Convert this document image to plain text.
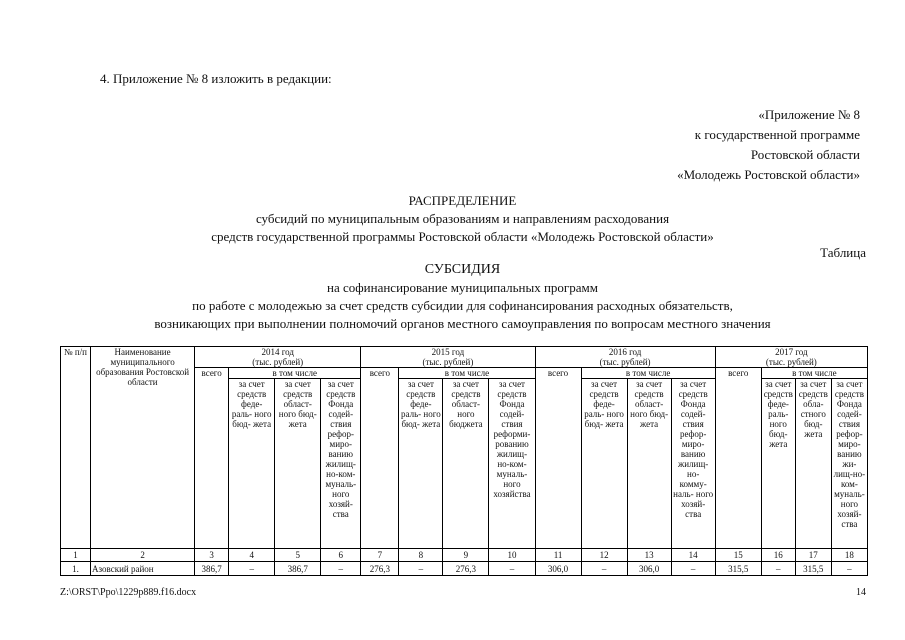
4. Приложение № 8 изложить в редакции:
«Приложение № 8
к государственной программе
Ростовской области
«Молодежь Ростовской области»
РАСПРЕДЕЛЕНИЕ
субсидий по муниципальным образованиям и направлениям расходования
средств государственной программы Ростовской области «Молодежь Ростовской области»
Таблица
СУБСИДИЯ
на софинансирование муниципальных программ
по работе с молодежью за счет средств субсидии для софинансирования расходных обязательств,
возникающих при выполнении полномочий органов местного самоуправления по вопросам местного значения
№ п/п	Наименование муниципального образования Ростовской области	2014 год
(тыс. рублей)				2015 год
(тыс. рублей)				2016 год
(тыс. рублей)				2017 год
(тыс. рублей)			
		всего	в том числе			всего	в том числе			всего	в том числе			всего	в том числе		
			за счет средств феде- раль- ного бюд- жета	за счет средств област- ного бюд- жета	за счет средств Фонда содей- ствия рефор- миро- ванию жилищ- но-ком- муналь- ного хозяй- ства		за счет средств феде- раль- ного бюд- жета	за счет средств област- ного бюджета	за счет средств Фонда содей- ствия реформи- рованию жилищ- но-ком- муналь- ного хозяйства		за счет средств феде- раль- ного бюд- жета	за счет средств област- ного бюд- жета	за счет средств Фонда содей- ствия рефор- миро- ванию жилищ- но- комму- наль- ного хозяй- ства		за счет средств феде- раль- ного бюд- жета	за счет средств обла- стного бюд- жета	за счет средств Фонда содей- ствия рефор- миро- ванию жи- лищ-но- ком- муналь- ного хозяй- ства
1	2	3	4	5	6	7	8	9	10	11	12	13	14	15	16	17	18
1.	Азовский район	386,7	–	386,7	–	276,3	–	276,3	–	306,0	–	306,0	–	315,5	–	315,5	–
Z:\ORST\Ppo\1229p889.f16.docx	14
